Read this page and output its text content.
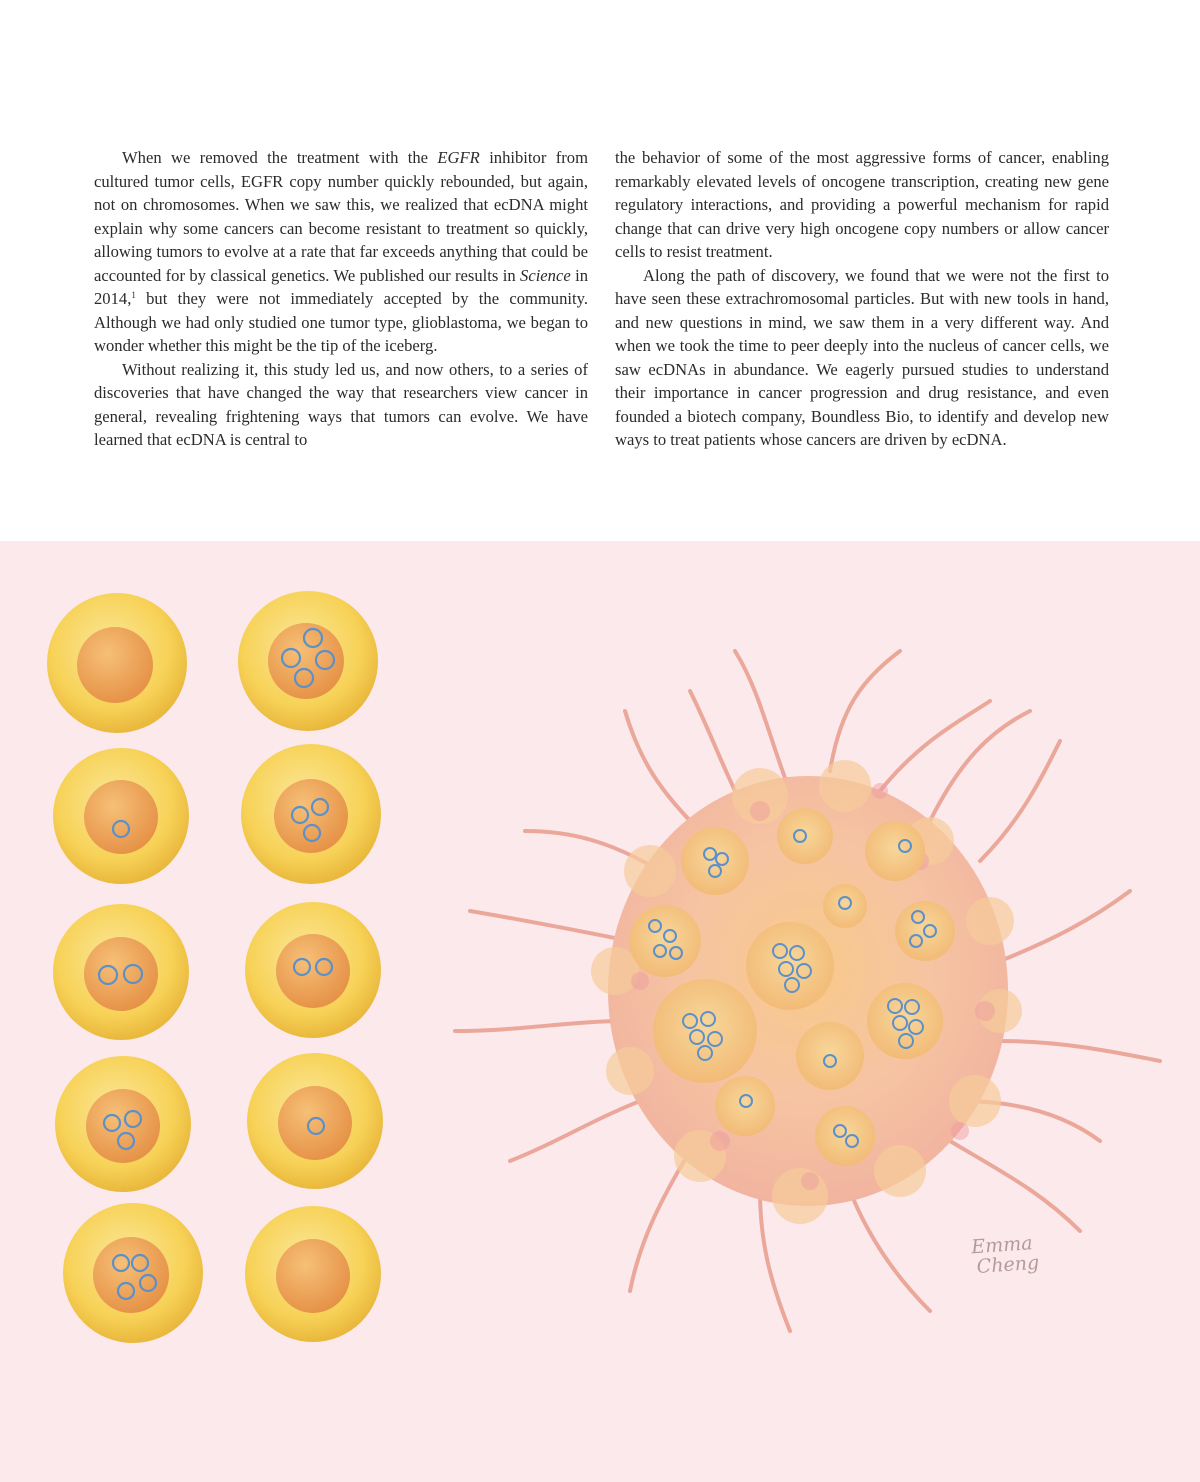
When we removed the treatment with the EGFR inhibitor from cultured tumor cells, EGFR copy number quickly rebounded, but again, not on chromosomes. When we saw this, we realized that ecDNA might explain why some cancers can become resistant to treatment so quickly, allowing tumors to evolve at a rate that far exceeds anything that could be accounted for by classical genetics. We published our results in Science in 2014,$^1$ but they were not immediately accepted by the community. Although we had only studied one tumor type, glioblastoma, we began to wonder whether this might be the tip of the iceberg.

Without realizing it, this study led us, and now others, to a series of discoveries that have changed the way that researchers view cancer in general, revealing frightening ways that tumors can evolve. We have learned that ecDNA is central to

the behavior of some of the most aggressive forms of cancer, enabling remarkably elevated levels of oncogene transcription, creating new gene regulatory interactions, and providing a powerful mechanism for rapid change that can drive very high oncogene copy numbers or allow cancer cells to resist treatment.

Along the path of discovery, we found that we were not the first to have seen these extrachromosomal particles. But with new tools in hand, and new questions in mind, we saw them in a very different way. And when we took the time to peer deeply into the nucleus of cancer cells, we saw ecDNAs in abundance. We eagerly pursued studies to understand their importance in cancer progression and drug resistance, and even founded a biotech company, Boundless Bio, to identify and develop new ways to treat patients whose cancers are driven by ecDNA.

Emma
Cheng
